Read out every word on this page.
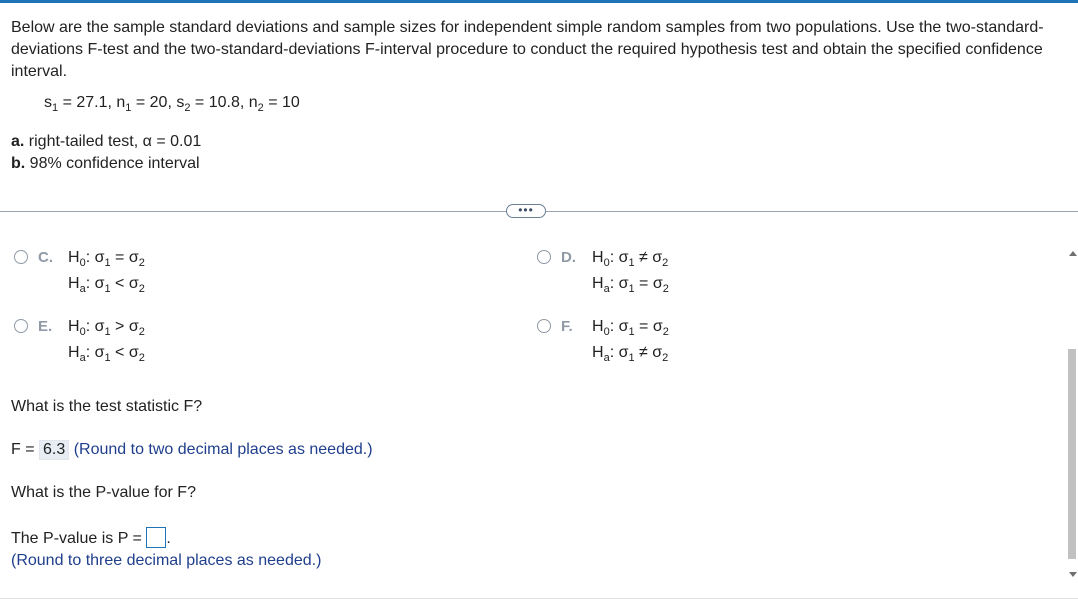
Below are the sample standard deviations and sample sizes for independent simple random samples from two populations. Use the two-standard-deviations F-test and the two-standard-deviations F-interval procedure to conduct the required hypothesis test and obtain the specified confidence interval.
$s_1 = 27.1$, $n_1 = 20$, $s_2 = 10.8$, $n_2 = 10$
a. right-tailed test, α = 0.01
b. 98% confidence interval
•••
C. $H_0$: $\sigma_1 = \sigma_2$
$H_a$: $\sigma_1 < \sigma_2$
D. $H_0$: $\sigma_1 \ne \sigma_2$
$H_a$: $\sigma_1 = \sigma_2$
E. $H_0$: $\sigma_1 > \sigma_2$
$H_a$: $\sigma_1 < \sigma_2$
F. $H_0$: $\sigma_1 = \sigma_2$
$H_a$: $\sigma_1 \ne \sigma_2$
What is the test statistic F?
F = 6.3 (Round to two decimal places as needed.)
What is the P-value for F?
The P-value is P = .
(Round to three decimal places as needed.)
